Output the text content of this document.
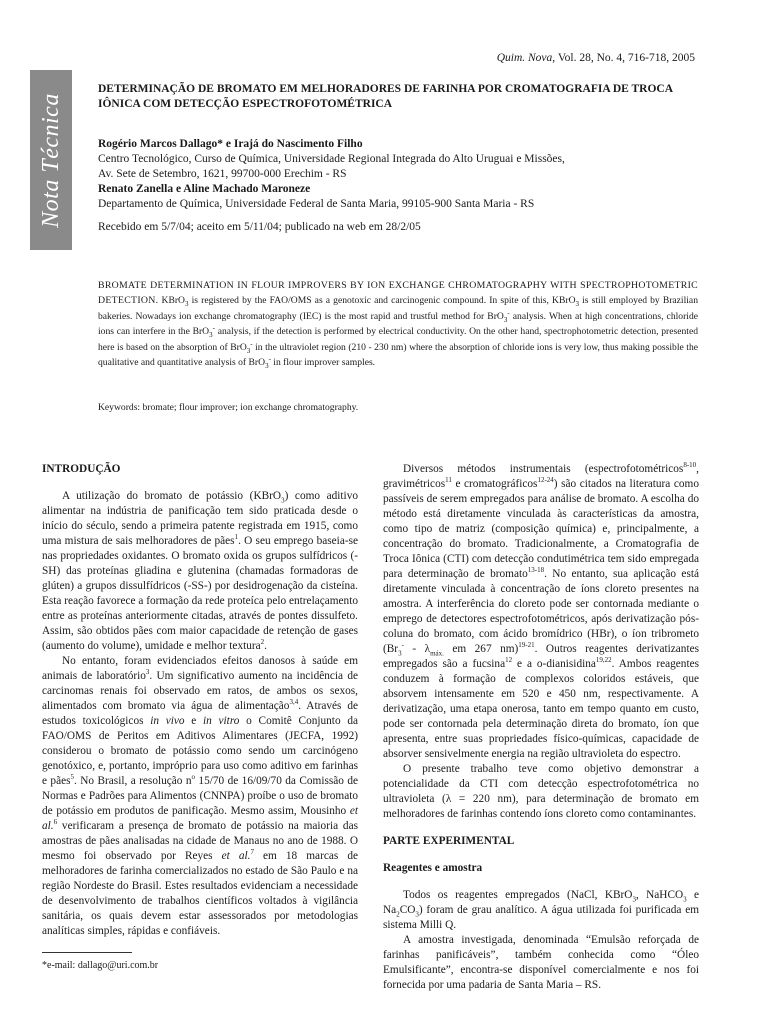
Nota Técnica
Quim. Nova, Vol. 28, No. 4, 716-718, 2005
DETERMINAÇÃO DE BROMATO EM MELHORADORES DE FARINHA POR CROMATOGRAFIA DE TROCA IÔNICA COM DETECÇÃO ESPECTROFOTOMÉTRICA
Rogério Marcos Dallago* e Irajá do Nascimento Filho
Centro Tecnológico, Curso de Química, Universidade Regional Integrada do Alto Uruguai e Missões,
Av. Sete de Setembro, 1621, 99700-000 Erechim - RS
Renato Zanella e Aline Machado Maroneze
Departamento de Química, Universidade Federal de Santa Maria, 99105-900 Santa Maria - RS
Recebido em 5/7/04; aceito em 5/11/04; publicado na web em 28/2/05
BROMATE DETERMINATION IN FLOUR IMPROVERS BY ION EXCHANGE CHROMATOGRAPHY WITH SPECTROPHOTOMETRIC DETECTION. KBrO$_3$ is registered by the FAO/OMS as a genotoxic and carcinogenic compound. In spite of this, KBrO$_3$ is still employed by Brazilian bakeries. Nowadays ion exchange chromatography (IEC) is the most rapid and trustful method for BrO$_3$- analysis. When at high concentrations, chloride ions can interfere in the BrO$_3$- analysis, if the detection is performed by electrical conductivity. On the other hand, spectrophotometric detection, presented here is based on the absorption of BrO$_3$- in the ultraviolet region (210 - 230 nm) where the absorption of chloride ions is very low, thus making possible the qualitative and quantitative analysis of BrO$_3$- in flour improver samples.
Keywords: bromate; flour improver; ion exchange chromatography.
INTRODUÇÃO

A utilização do bromato de potássio (KBrO$_3$) como aditivo alimentar na indústria de panificação tem sido praticada desde o início do século, sendo a primeira patente registrada em 1915, como uma mistura de sais melhoradores de pães$^1$. O seu emprego baseia-se nas propriedades oxidantes. O bromato oxida os grupos sulfídricos (-SH) das proteínas gliadina e glutenina (chamadas formadoras de glúten) a grupos dissulfídricos (-SS-) por desidrogenação da cisteína. Esta reação favorece a formação da rede proteíca pelo entrelaçamento entre as proteínas anteriormente citadas, através de pontes dissulfeto. Assim, são obtidos pães com maior capacidade de retenção de gases (aumento do volume), umidade e melhor textura$^2$.

No entanto, foram evidenciados efeitos danosos à saúde em animais de laboratório$^3$. Um significativo aumento na incidência de carcinomas renais foi observado em ratos, de ambos os sexos, alimentados com bromato via água de alimentação$^{3,4}$. Através de estudos toxicológicos in vivo e in vitro o Comitê Conjunto da FAO/OMS de Peritos em Aditivos Alimentares (JECFA, 1992) considerou o bromato de potássio como sendo um carcinógeno genotóxico, e, portanto, impróprio para uso como aditivo em farinhas e pães$^5$. No Brasil, a resolução $n^o$ 15/70 de 16/09/70 da Comissão de Normas e Padrões para Alimentos (CNNPA) proíbe o uso de bromato de potássio em produtos de panificação. Mesmo assim, Mousinho et al.$^6$ verificaram a presença de bromato de potássio na maioria das amostras de pães analisadas na cidade de Manaus no ano de 1988. O mesmo foi observado por Reyes et al.$^7$ em 18 marcas de melhoradores de farinha comercializados no estado de São Paulo e na região Nordeste do Brasil. Estes resultados evidenciam a necessidade de desenvolvimento de trabalhos científicos voltados à vigilância sanitária, os quais devem estar assessorados por metodologias analíticas simples, rápidas e confiáveis.

Diversos métodos instrumentais (espectrofotométricos$^{8-10}$, gravimétricos$^{11}$ e cromatográficos$^{12-24}$) são citados na literatura como passíveis de serem empregados para análise de bromato. A escolha do método está diretamente vinculada às características da amostra, como tipo de matriz (composição química) e, principalmente, a concentração do bromato. Tradicionalmente, a Cromatografia de Troca Iônica (CTI) com detecção condutimétrica tem sido empregada para determinação de bromato$^{13-18}$. No entanto, sua aplicação está diretamente vinculada à concentração de íons cloreto presentes na amostra. A interferência do cloreto pode ser contornada mediante o emprego de detectores espectrofotométricos, após derivatização pós-coluna do bromato, com ácido bromídrico (HBr), o íon tribrometo ($Br_3^- - \lambda_{máx.}$ em 267 nm)$^{19-21}$. Outros reagentes derivatizantes empregados são a fucsina$^{12}$ e a o-dianisidina$^{19,22}$. Ambos reagentes conduzem à formação de complexos coloridos estáveis, que absorvem intensamente em 520 e 450 nm, respectivamente. A derivatização, uma etapa onerosa, tanto em tempo quanto em custo, pode ser contornada pela determinação direta do bromato, íon que apresenta, entre suas propriedades físico-químicas, capacidade de absorver sensivelmente energia na região ultravioleta do espectro.

O presente trabalho teve como objetivo demonstrar a potencialidade da CTI com detecção espectrofotométrica no ultravioleta (λ = 220 nm), para determinação de bromato em melhoradores de farinhas contendo íons cloreto como contaminantes.

PARTE EXPERIMENTAL
Reagentes e amostra

Todos os reagentes empregados (NaCl, KBrO$_3$, NaHCO$_3$ e $Na_2CO_3$) foram de grau analítico. A água utilizada foi purificada em sistema Milli Q.

A amostra investigada, denominada “Emulsão reforçada de farinhas panificáveis”, também conhecida como “Óleo Emulsificante”, encontra-se disponível comercialmente e nos foi fornecida por uma padaria de Santa Maria – RS.

*e-mail: dallago@uri.com.br
